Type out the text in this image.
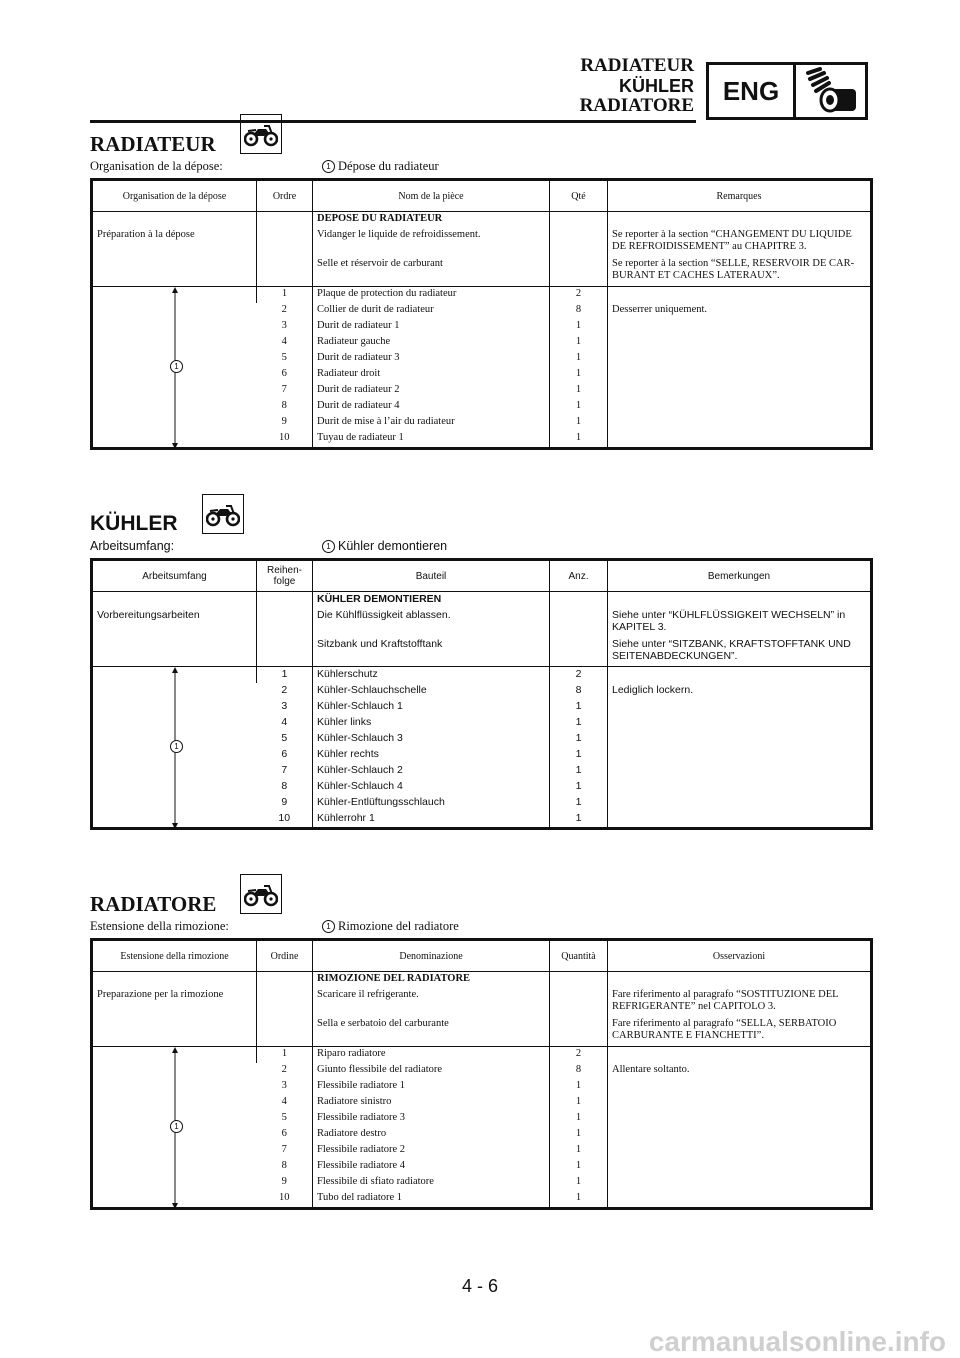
RADIATEUR
KÜHLER
RADIATORE	ENG
RADIATEUR
Organisation de la dépose:	1 Dépose du radiateur
Organisation de la dépose	Ordre	Nom de la pièce	Qté	Remarques
		DEPOSE DU RADIATEUR		
Préparation à la dépose		Vidanger le liquide de refroidissement.		Se reporter à la section “CHANGEMENT DU LIQUIDE DE REFROIDISSEMENT” au CHAPITRE 3.
		Selle et réservoir de carburant		Se reporter à la section “SELLE, RESERVOIR DE CAR-BURANT ET CACHES LATERAUX”.

1	1	Plaque de protection du radiateur	2	
	2	Collier de durit de radiateur	8	Desserrer uniquement.
	3	Durit de radiateur 1	1	
	4	Radiateur gauche	1	
	5	Durit de radiateur 3	1	
	6	Radiateur droit	1	
	7	Durit de radiateur 2	1	
	8	Durit de radiateur 4	1	
	9	Durit de mise à l’air du radiateur	1	
	10	Tuyau de radiateur 1	1	
KÜHLER
Arbeitsumfang:	1 Kühler demontieren
Arbeitsumfang	Reihen-folge	Bauteil	Anz.	Bemerkungen
		KÜHLER DEMONTIEREN		
Vorbereitungsarbeiten		Die Kühlflüssigkeit ablassen.		Siehe unter “KÜHLFLÜSSIGKEIT WECHSELN” in KAPITEL 3.
		Sitzbank und Kraftstofftank		Siehe unter “SITZBANK, KRAFTSTOFFTANK UND SEITENABDECKUNGEN”.

1	1	Kühlerschutz	2	
	2	Kühler-Schlauchschelle	8	Lediglich lockern.
	3	Kühler-Schlauch 1	1	
	4	Kühler links	1	
	5	Kühler-Schlauch 3	1	
	6	Kühler rechts	1	
	7	Kühler-Schlauch 2	1	
	8	Kühler-Schlauch 4	1	
	9	Kühler-Entlüftungsschlauch	1	
	10	Kühlerrohr 1	1	
RADIATORE
Estensione della rimozione:	1 Rimozione del radiatore
Estensione della rimozione	Ordine	Denominazione	Quantità	Osservazioni
		RIMOZIONE DEL RADIATORE		
Preparazione per la rimozione		Scaricare il refrigerante.		Fare riferimento al paragrafo “SOSTITUZIONE DEL REFRIGERANTE” nel CAPITOLO 3.
		Sella e serbatoio del carburante		Fare riferimento al paragrafo “SELLA, SERBATOIO CARBURANTE E FIANCHETTI”.

1	1	Riparo radiatore	2	
	2	Giunto flessibile del radiatore	8	Allentare soltanto.
	3	Flessibile radiatore 1	1	
	4	Radiatore sinistro	1	
	5	Flessibile radiatore 3	1	
	6	Radiatore destro	1	
	7	Flessibile radiatore 2	1	
	8	Flessibile radiatore 4	1	
	9	Flessibile di sfiato radiatore	1	
	10	Tubo del radiatore 1	1	
4 - 6
carmanualsonline.info
